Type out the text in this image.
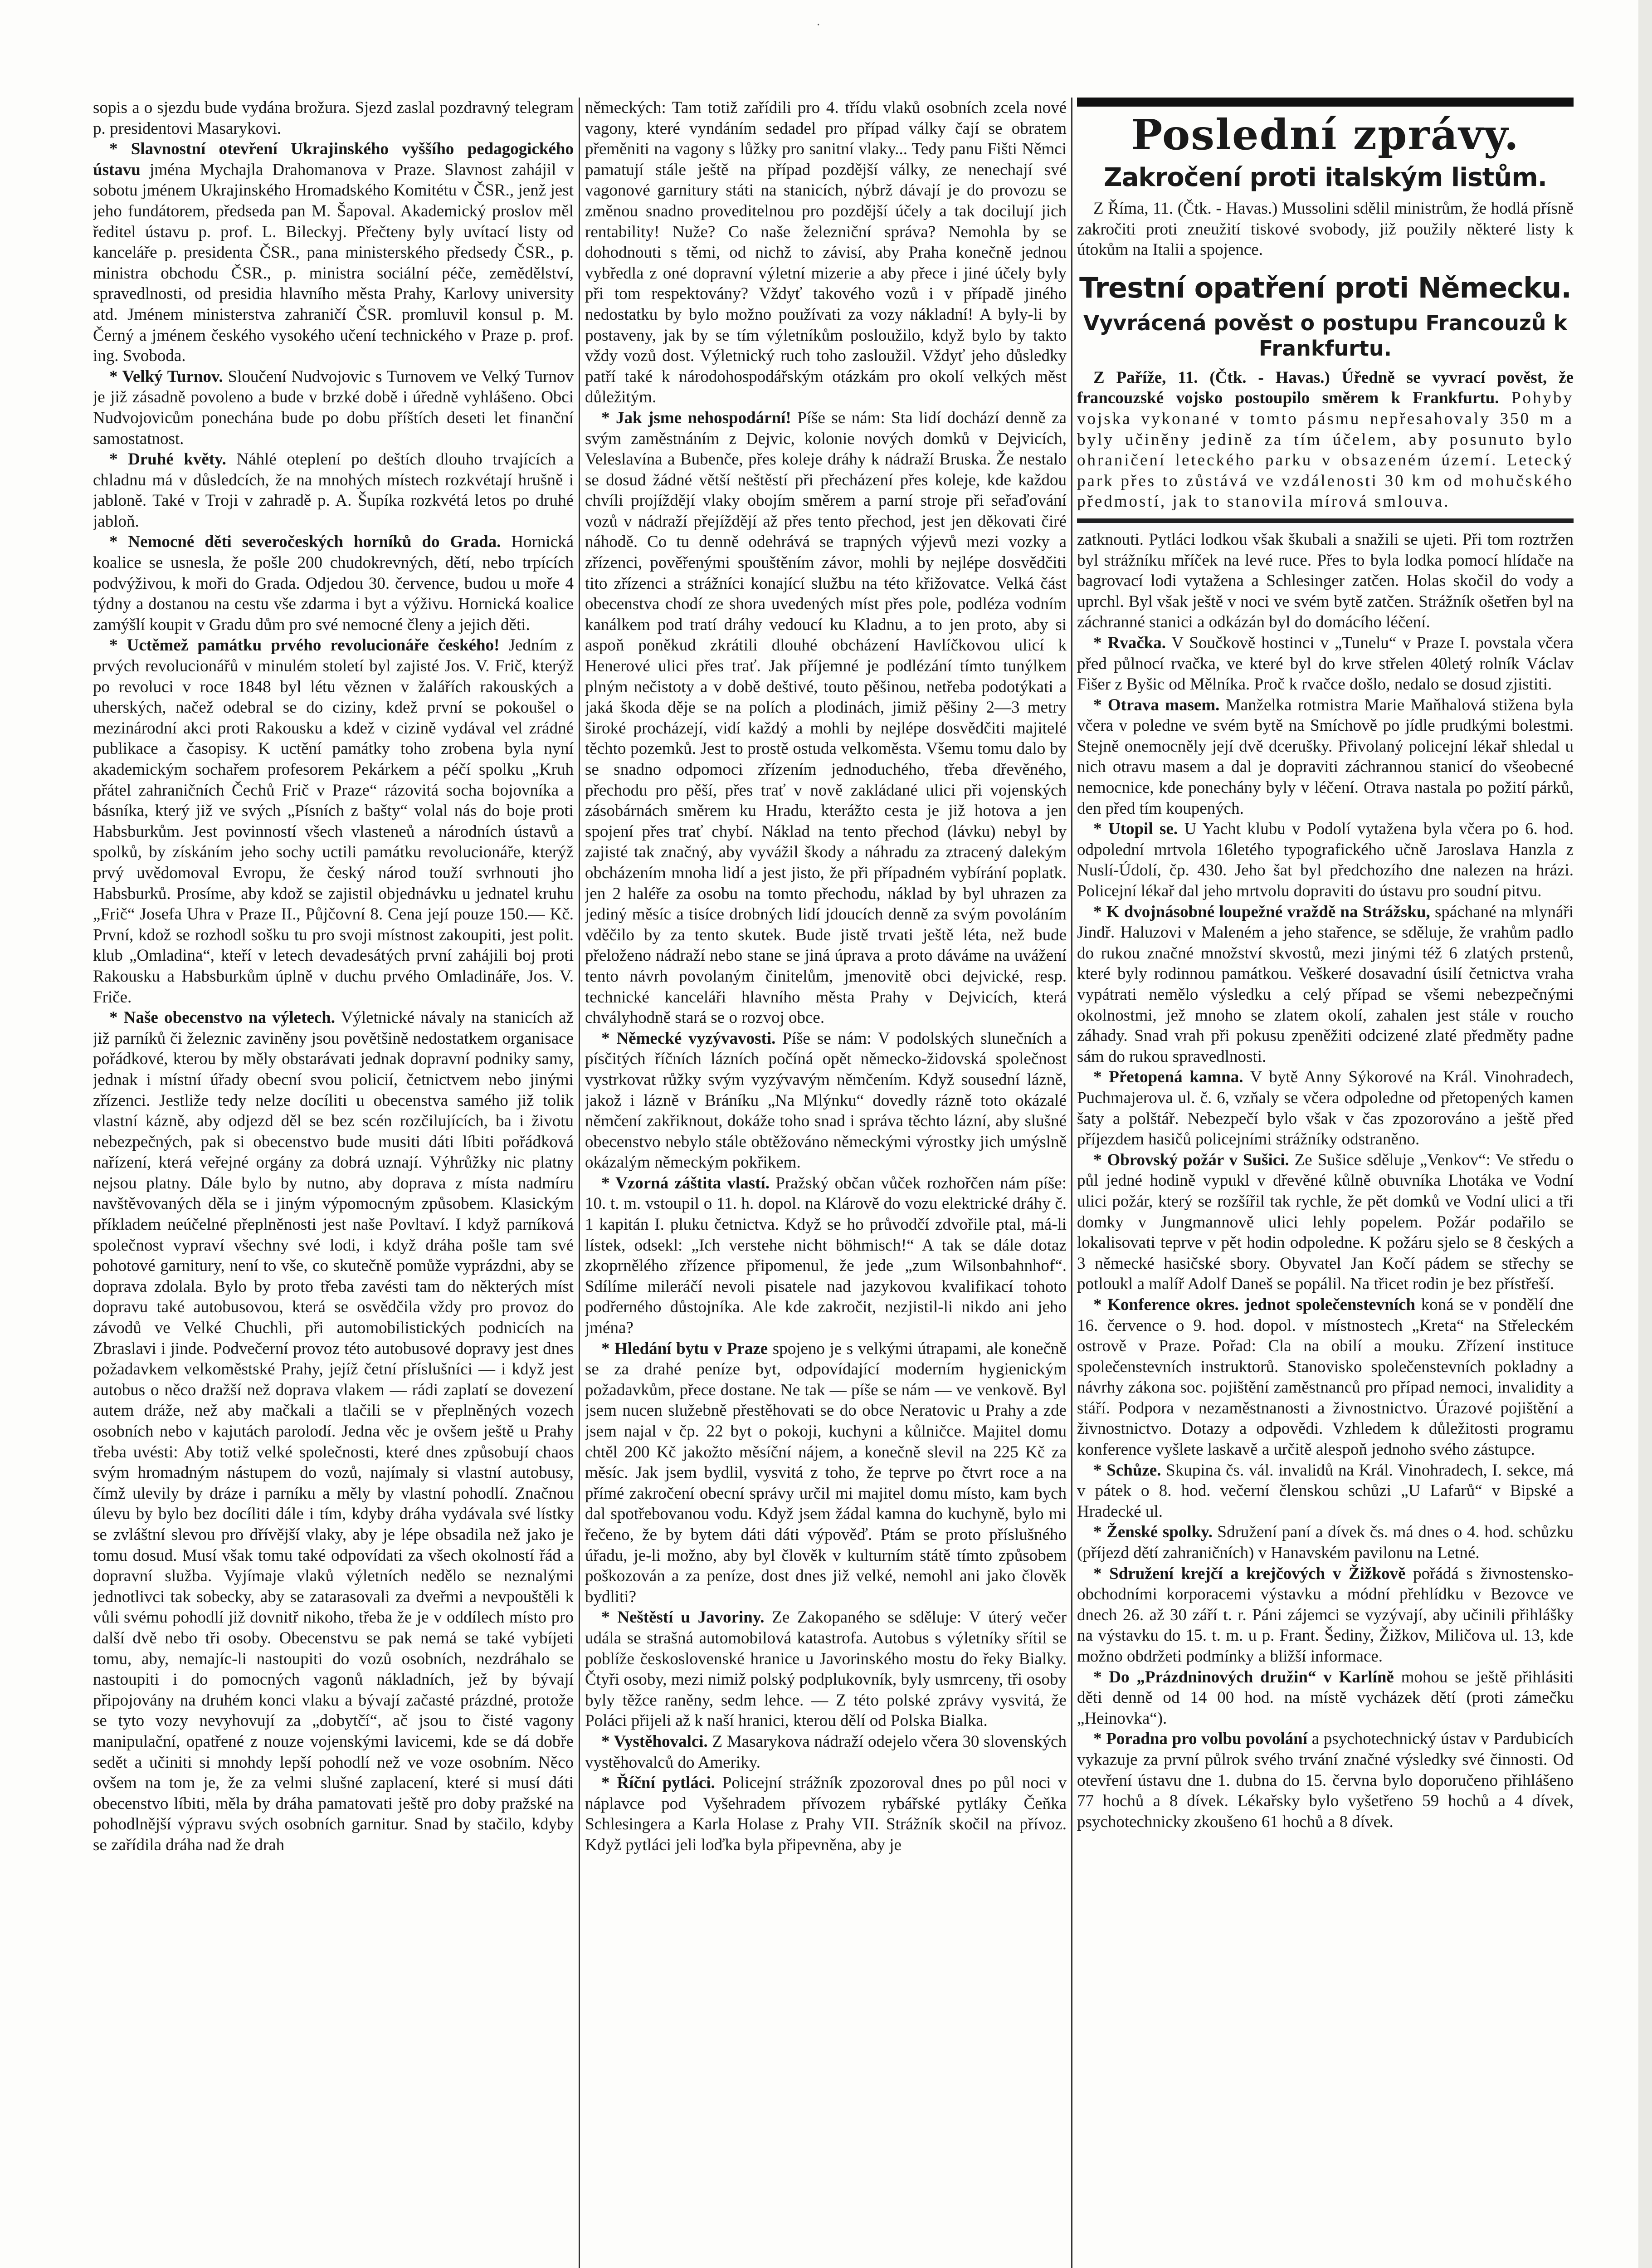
·

sopis a o sjezdu bude vydána brožura. Sjezd zaslal pozdravný telegram p. presidentovi Masarykovi.

* Slavnostní otevření Ukrajinského vyššího pedagogického ústavu jména Mychajla Drahomanova v Praze. Slavnost zahájil v sobotu jménem Ukrajinského Hromadského Komitétu v ČSR., jenž jest jeho fundátorem, předseda pan M. Šapoval. Akademický proslov měl ředitel ústavu p. prof. L. Bileckyj. Přečteny byly uvítací listy od kanceláře p. presidenta ČSR., pana ministerského předsedy ČSR., p. ministra obchodu ČSR., p. ministra sociální péče, zemědělství, spravedlnosti, od presidia hlavního města Prahy, Karlovy university atd. Jménem ministerstva zahraničí ČSR. promluvil konsul p. M. Černý a jménem českého vysokého učení technického v Praze p. prof. ing. Svoboda.

* Velký Turnov. Sloučení Nudvojovic s Turnovem ve Velký Turnov je již zásadně povoleno a bude v brzké době i úředně vyhlášeno. Obci Nudvojovicům ponechána bude po dobu příštích deseti let finanční samostatnost.

* Druhé květy. Náhlé oteplení po deštích dlouho trvajících a chladnu má v důsledcích, že na mnohých místech rozkvétají hrušně i jabloně. Také v Troji v zahradě p. A. Šupíka rozkvétá letos po druhé jabloň.

* Nemocné děti severočeských horníků do Grada. Hornická koalice se usnesla, že pošle 200 chudokrevných, dětí, nebo trpících podvýživou, k moři do Grada. Odjedou 30. července, budou u moře 4 týdny a dostanou na cestu vše zdarma i byt a výživu. Hornická koalice zamýšlí koupit v Gradu dům pro své nemocné členy a jejich děti.

* Uctěmež památku prvého revolucionáře českého! Jedním z prvých revolucionářů v minulém století byl zajisté Jos. V. Frič, kterýž po revoluci v roce 1848 byl létu věznen v žalářích rakouských a uherských, načež odebral se do ciziny, kdež první se pokoušel o mezinárodní akci proti Rakousku a kdež v cizině vydával vel zrádné publikace a časopisy. K uctění památky toho zrobena byla nyní akademickým sochařem profesorem Pekárkem a péčí spolku „Kruh přátel zahraničních Čechů Frič v Praze“ rázovitá socha bojovníka a básníka, který již ve svých „Písních z bašty“ volal nás do boje proti Habsburkům. Jest povinností všech vlasteneů a národních ústavů a spolků, by získáním jeho sochy uctili památku revolucionáře, kterýž prvý uvědomoval Evropu, že český národ touží svrhnouti jho Habsburků. Prosíme, aby kdož se zajistil objednávku u jednatel kruhu „Frič“ Josefa Uhra v Praze II., Půjčovní 8. Cena její pouze 150.— Kč. První, kdož se rozhodl sošku tu pro svoji místnost zakoupiti, jest polit. klub „Omladina“, kteří v letech devadesátých první zahájili boj proti Rakousku a Habsburkům úplně v duchu prvého Omladináře, Jos. V. Friče.

* Naše obecenstvo na výletech. Výletnické návaly na stanicích až již parníků či železnic zaviněny jsou povětšině nedostatkem organisace pořádkové, kterou by měly obstarávati jednak dopravní podniky samy, jednak i místní úřady obecní svou policií, četnictvem nebo jinými zřízenci. Jestliže tedy nelze docíliti u obecenstva samého již tolik vlastní kázně, aby odjezd děl se bez scén rozčilujících, ba i životu nebezpečných, pak si obecenstvo bude musiti dáti líbiti pořádková nařízení, která veřejné orgány za dobrá uznají. Výhrůžky nic platny nejsou platny. Dále bylo by nutno, aby doprava z místa nadmíru navštěvovaných děla se i jiným výpomocným způsobem. Klasickým příkladem neúčelné přeplněnosti jest naše Povltaví. I když parníková společnost vypraví všechny své lodi, i když dráha pošle tam své pohotové garnitury, není to vše, co skutečně pomůže vyprázdni, aby se doprava zdolala. Bylo by proto třeba zavésti tam do některých míst dopravu také autobusovou, která se osvědčila vždy pro provoz do závodů ve Velké Chuchli, při automobilistických podnicích na Zbraslavi i jinde. Podvečerní provoz této autobusové dopravy jest dnes požadavkem velkoměstské Prahy, jejíž četní příslušníci — i když jest autobus o něco dražší než doprava vlakem — rádi zaplatí se dovezení autem dráže, než aby mačkali a tlačili se v přeplněných vozech osobních nebo v kajutách parolodí. Jedna věc je ovšem ještě u Prahy třeba uvésti: Aby totiž velké společnosti, které dnes způsobují chaos svým hromadným nástupem do vozů, najímaly si vlastní autobusy, čímž ulevily by dráze i parníku a měly by vlastní pohodlí. Značnou úlevu by bylo bez docíliti dále i tím, kdyby dráha vydávala své lístky se zvláštní slevou pro dřívější vlaky, aby je lépe obsadila než jako je tomu dosud. Musí však tomu také odpovídati za všech okolností řád a dopravní služba. Vyjímaje vlaků výletních nedělo se neznalými jednotlivci tak sobecky, aby se zatarasovali za dveřmi a nevpouštěli k vůli svému pohodlí již dovnitř nikoho, třeba že je v oddílech místo pro další dvě nebo tři osoby. Obecenstvu se pak nemá se také vybíjeti tomu, aby, nemajíc-li nastoupiti do vozů osobních, nezdráhalo se nastoupiti i do pomocných vagonů nákladních, jež by bývají připojovány na druhém konci vlaku a bývají začasté prázdné, protože se tyto vozy nevyhovují za „dobytčí“, ač jsou to čisté vagony manipulační, opatřené z nouze vojenskými lavicemi, kde se dá dobře sedět a učiniti si mnohdy lepší pohodlí než ve voze osobním. Něco ovšem na tom je, že za velmi slušné zaplacení, které si musí dáti obecenstvo líbiti, měla by dráha pamatovati ještě pro doby pražské na pohodlnější výpravu svých osobních garnitur. Snad by stačilo, kdyby se zařídila dráha nad že drah

německých: Tam totiž zařídili pro 4. třídu vlaků osobních zcela nové vagony, které vyndáním sedadel pro případ války čají se obratem přeměniti na vagony s lůžky pro sanitní vlaky... Tedy panu Fišti Němci pamatují stále ještě na případ pozdější války, ze nenechají své vagonové garnitury státi na stanicích, nýbrž dávají je do provozu se změnou snadno proveditelnou pro pozdější účely a tak docilují jich rentability! Nuže? Co naše železniční správa? Nemohla by se dohodnouti s těmi, od nichž to závisí, aby Praha konečně jednou vybředla z oné dopravní výletní mizerie a aby přece i jiné účely byly při tom respektovány? Vždyť takového vozů i v případě jiného nedostatku by bylo možno používati za vozy nákladní! A byly-li by postaveny, jak by se tím výletníkům posloužilo, když bylo by takto vždy vozů dost. Výletnický ruch toho zasloužil. Vždyť jeho důsledky patří také k národohospodářským otázkám pro okolí velkých měst důležitým.

* Jak jsme nehospodární! Píše se nám: Sta lidí dochází denně za svým zaměstnáním z Dejvic, kolonie nových domků v Dejvicích, Veleslavína a Bubenče, přes koleje dráhy k nádraží Bruska. Že nestalo se dosud žádné větší neštěstí při přecházení přes koleje, kde každou chvíli projíždějí vlaky obojím směrem a parní stroje při seřaďování vozů v nádraží přejíždějí až přes tento přechod, jest jen děkovati čiré náhodě. Co tu denně odehrává se trapných výjevů mezi vozky a zřízenci, pověřenými spouštěním závor, mohli by nejlépe dosvědčiti tito zřízenci a strážníci konající službu na této křižovatce. Velká část obecenstva chodí ze shora uvedených míst přes pole, podléza vodním kanálkem pod tratí dráhy vedoucí ku Kladnu, a to jen proto, aby si aspoň poněkud zkrátili dlouhé obcházení Havlíčkovou ulicí k Henerové ulici přes trať. Jak příjemné je podlézání tímto tunýlkem plným nečistoty a v době deštivé, touto pěšinou, netřeba podotýkati a jaká škoda děje se na polích a plodinách, jimiž pěšiny 2—3 metry široké procházejí, vidí každý a mohli by nejlépe dosvědčiti majitelé těchto pozemků. Jest to prostě ostuda velkoměsta. Všemu tomu dalo by se snadno odpomoci zřízením jednoduchého, třeba dřevěného, přechodu pro pěší, přes trať v nově zakládané ulici při vojenských zásobárnách směrem ku Hradu, kterážto cesta je již hotova a jen spojení přes trať chybí. Náklad na tento přechod (lávku) nebyl by zajisté tak značný, aby vyvážil škody a náhradu za ztracený dalekým obcházením mnoha lidí a jest jisto, že při případném vybírání poplatk. jen 2 haléře za osobu na tomto přechodu, náklad by byl uhrazen za jediný měsíc a tisíce drobných lidí jdoucích denně za svým povoláním vděčilo by za tento skutek. Bude jistě trvati ještě léta, než bude přeloženo nádraží nebo stane se jiná úprava a proto dáváme na uvážení tento návrh povolaným činitelům, jmenovitě obci dejvické, resp. technické kanceláři hlavního města Prahy v Dejvicích, která chvályhodně stará se o rozvoj obce.

* Německé vyzývavosti. Píše se nám: V podolských slunečních a písčitých říčních lázních počíná opět německo-židovská společnost vystrkovat růžky svým vyzývavým němčením. Když sousední lázně, jakož i lázně v Bráníku „Na Mlýnku“ dovedly rázně toto okázalé němčení zakřiknout, dokáže toho snad i správa těchto lázní, aby slušné obecenstvo nebylo stále obtěžováno německými výrostky jich umýslně okázalým německým pokřikem.

* Vzorná záštita vlastí. Pražský občan vůček rozhořčen nám píše: 10. t. m. vstoupil o 11. h. dopol. na Klárově do vozu elektrické dráhy č. 1 kapitán I. pluku četnictva. Když se ho průvodčí zdvořile ptal, má-li lístek, odsekl: „Ich verstehe nicht böhmisch!“ A tak se dále dotaz zkoprnělého zřízence připomenul, že jede „zum Wilsonbahnhof“. Sdílíme mileráčí nevoli pisatele nad jazykovou kvalifikací tohoto podřerného důstojníka. Ale kde zakročit, nezjistil-li nikdo ani jeho jména?

* Hledání bytu v Praze spojeno je s velkými útrapami, ale konečně se za drahé peníze byt, odpovídající moderním hygienickým požadavkům, přece dostane. Ne tak — píše se nám — ve venkově. Byl jsem nucen služebně přestěhovati se do obce Neratovic u Prahy a zde jsem najal v čp. 22 byt o pokoji, kuchyni a kůlničce. Majitel domu chtěl 200 Kč jakožto měsíční nájem, a konečně slevil na 225 Kč za měsíc. Jak jsem bydlil, vysvitá z toho, že teprve po čtvrt roce a na přímé zakročení obecní správy určil mi majitel domu místo, kam bych dal spotřebovanou vodu. Když jsem žádal kamna do kuchyně, bylo mi řečeno, že by bytem dáti dáti výpověď. Ptám se proto příslušného úřadu, je-li možno, aby byl člověk v kulturním státě tímto způsobem poškozován a za peníze, dost dnes již velké, nemohl ani jako člověk bydliti?

* Neštěstí u Javoriny. Ze Zakopaného se sděluje: V úterý večer udála se strašná automobilová katastrofa. Autobus s výletníky sřítil se poblíže československé hranice u Javorinského mostu do řeky Bialky. Čtyři osoby, mezi nimiž polský podplukovník, byly usmrceny, tři osoby byly těžce raněny, sedm lehce. — Z této polské zprávy vysvitá, že Poláci přijeli až k naší hranici, kterou dělí od Polska Bialka.

* Vystěhovalci. Z Masarykova nádraží odejelo včera 30 slovenských vystěhovalců do Ameriky.

* Říční pytláci. Policejní strážník zpozoroval dnes po půl noci v náplavce pod Vyšehradem přívozem rybářské pytláky Čeňka Schlesingera a Karla Holase z Prahy VII. Strážník skočil na přívoz. Když pytláci jeli loďka byla připevněna, aby je

Poslední zprávy.
Zakročení proti italským listům.

Z Říma, 11. (Čtk. - Havas.) Mussolini sdělil ministrům, že hodlá přísně zakročiti proti zneužití tiskové svobody, již použily některé listy k útokům na Italii a spojence.

Trestní opatření proti Německu.
Vyvrácená pověst o postupu Francouzů k Frankfurtu.

Z Paříže, 11. (Čtk. - Havas.) Úředně se vyvrací pověst, že francouzské vojsko postoupilo směrem k Frankfurtu. Pohyby vojska vykonané v tomto pásmu nepřesahovaly 350 m a byly učiněny jedině za tím účelem, aby posunuto bylo ohraničení leteckého parku v obsazeném území. Letecký park přes to zůstává ve vzdálenosti 30 km od mohučského předmostí, jak to stanovila mírová smlouva.

zatknouti. Pytláci lodkou však škubali a snažili se ujeti. Při tom roztržen byl strážníku mříček na levé ruce. Přes to byla lodka pomocí hlídače na bagrovací lodi vytažena a Schlesinger zatčen. Holas skočil do vody a uprchl. Byl však ještě v noci ve svém bytě zatčen. Strážník ošetřen byl na záchranné stanici a odkázán byl do domácího léčení.

* Rvačka. V Součkově hostinci v „Tunelu“ v Praze I. povstala včera před půlnocí rvačka, ve které byl do krve střelen 40letý rolník Václav Fišer z Byšic od Mělníka. Proč k rvačce došlo, nedalo se dosud zjistiti.

* Otrava masem. Manželka rotmistra Marie Maňhalová stižena byla včera v poledne ve svém bytě na Smíchově po jídle prudkými bolestmi. Stejně onemocněly její dvě dcerušky. Přivolaný policejní lékař shledal u nich otravu masem a dal je dopraviti záchrannou stanicí do všeobecné nemocnice, kde ponechány byly v léčení. Otrava nastala po požití párků, den před tím koupených.

* Utopil se. U Yacht klubu v Podolí vytažena byla včera po 6. hod. odpolední mrtvola 16letého typografického učně Jaroslava Hanzla z Nuslí-Údolí, čp. 430. Jeho šat byl předchozího dne nalezen na hrázi. Policejní lékař dal jeho mrtvolu dopraviti do ústavu pro soudní pitvu.

* K dvojnásobné loupežné vraždě na Strážsku, spáchané na mlynáři Jindř. Haluzovi v Maleném a jeho stařence, se sděluje, že vrahům padlo do rukou značné množství skvostů, mezi jinými též 6 zlatých prstenů, které byly rodinnou památkou. Veškeré dosavadní úsilí četnictva vraha vypátrati nemělo výsledku a celý případ se všemi nebezpečnými okolnostmi, jež mnoho se zlatem okolí, zahalen jest stále v roucho záhady. Snad vrah při pokusu zpeněžiti odcizené zlaté předměty padne sám do rukou spravedlnosti.

* Přetopená kamna. V bytě Anny Sýkorové na Král. Vinohradech, Puchmajerova ul. č. 6, vzňaly se včera odpoledne od přetopených kamen šaty a polštář. Nebezpečí bylo však v čas zpozorováno a ještě před příjezdem hasičů policejními strážníky odstraněno.

* Obrovský požár v Sušici. Ze Sušice sděluje „Venkov“: Ve středu o půl jedné hodině vypukl v dřevěné kůlně obuvníka Lhotáka ve Vodní ulici požár, který se rozšířil tak rychle, že pět domků ve Vodní ulici a tři domky v Jungmannově ulici lehly popelem. Požár podařilo se lokalisovati teprve v pět hodin odpoledne. K požáru sjelo se 8 českých a 3 německé hasičské sbory. Obyvatel Jan Kočí pádem se střechy se potloukl a malíř Adolf Daneš se popálil. Na třicet rodin je bez přístřeší.

* Konference okres. jednot společenstevních koná se v pondělí dne 16. července o 9. hod. dopol. v místnostech „Kreta“ na Střeleckém ostrově v Praze. Pořad: Cla na obilí a mouku. Zřízení instituce společenstevních instruktorů. Stanovisko společenstevních pokladny a návrhy zákona soc. pojištění zaměstnanců pro případ nemoci, invalidity a stáří. Podpora v nezaměstnanosti a živnostnictvo. Úrazové pojištění a živnostnictvo. Dotazy a odpovědi. Vzhledem k důležitosti programu konference vyšlete laskavě a určitě alespoň jednoho svého zástupce.

* Schůze. Skupina čs. vál. invalidů na Král. Vinohradech, I. sekce, má v pátek o 8. hod. večerní členskou schůzi „U Lafarů“ v Bipské a Hradecké ul.

* Ženské spolky. Sdružení paní a dívek čs. má dnes o 4. hod. schůzku (příjezd dětí zahraničních) v Hanavském pavilonu na Letné.

* Sdružení krejčí a krejčových v Žižkově pořádá s živnostensko-obchodními korporacemi výstavku a módní přehlídku v Bezovce ve dnech 26. až 30 září t. r. Páni zájemci se vyzývají, aby učinili přihlášky na výstavku do 15. t. m. u p. Frant. Šediny, Žižkov, Miličova ul. 13, kde možno obdržeti podmínky a bližší informace.

* Do „Prázdninových družin“ v Karlíně mohou se ještě přihlásiti děti denně od 14 00 hod. na místě vycházek dětí (proti zámečku „Heinovka“).

* Poradna pro volbu povolání a psychotechnický ústav v Pardubicích vykazuje za první půlrok svého trvání značné výsledky své činnosti. Od otevření ústavu dne 1. dubna do 15. června bylo doporučeno přihlášeno 77 hochů a 8 dívek. Lékařsky bylo vyšetřeno 59 hochů a 4 dívek, psychotechnicky zkoušeno 61 hochů a 8 dívek.
